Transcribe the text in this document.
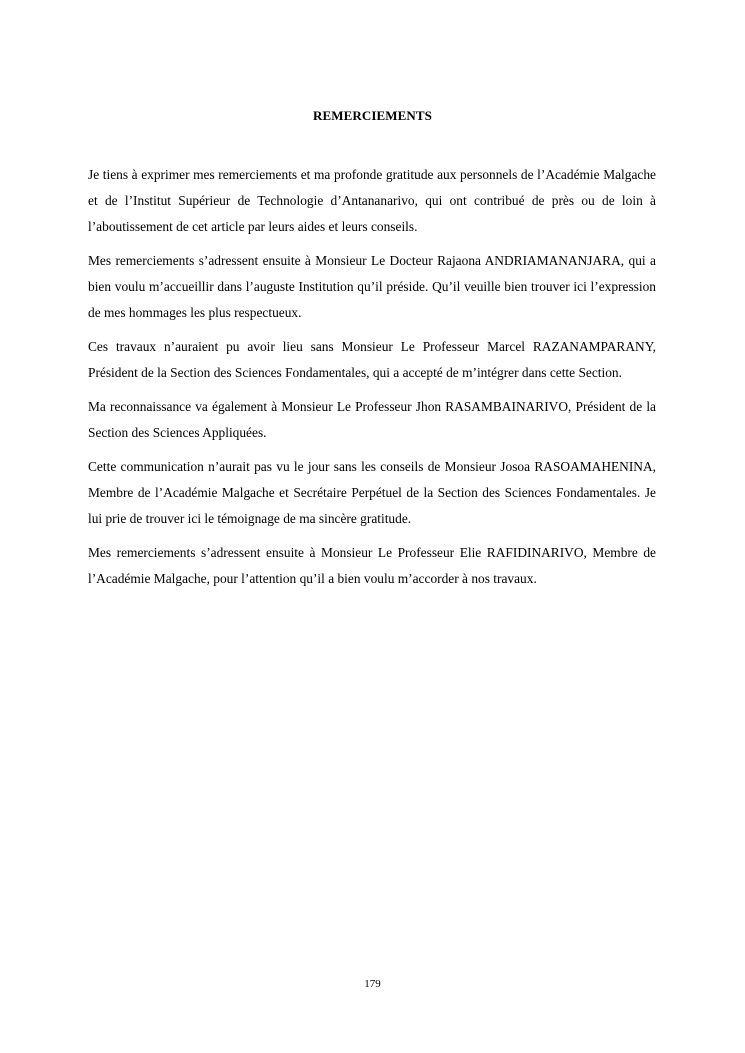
REMERCIEMENTS

Je tiens à exprimer mes remerciements et ma profonde gratitude aux personnels de l’Académie Malgache et de l’Institut Supérieur de Technologie d’Antananarivo, qui ont contribué de près ou de loin à l’aboutissement de cet article par leurs aides et leurs conseils.

Mes remerciements s’adressent ensuite à Monsieur Le Docteur Rajaona ANDRIAMANANJARA, qui a bien voulu m’accueillir dans l’auguste Institution qu’il préside. Qu’il veuille bien trouver ici l’expression de mes hommages les plus respectueux.

Ces travaux n’auraient pu avoir lieu sans Monsieur Le Professeur Marcel RAZANAMPARANY, Président de la Section des Sciences Fondamentales, qui a accepté de m’intégrer dans cette Section.

Ma reconnaissance va également à Monsieur Le Professeur Jhon RASAMBAINARIVO, Président de la Section des Sciences Appliquées.

Cette communication n’aurait pas vu le jour sans les conseils de Monsieur Josoa RASOAMAHENINA, Membre de l’Académie Malgache et Secrétaire Perpétuel de la Section des Sciences Fondamentales. Je lui prie de trouver ici le témoignage de ma sincère gratitude.

Mes remerciements s’adressent ensuite à Monsieur Le Professeur Elie RAFIDINARIVO, Membre de l’Académie Malgache, pour l’attention qu’il a bien voulu m’accorder à nos travaux.

179
